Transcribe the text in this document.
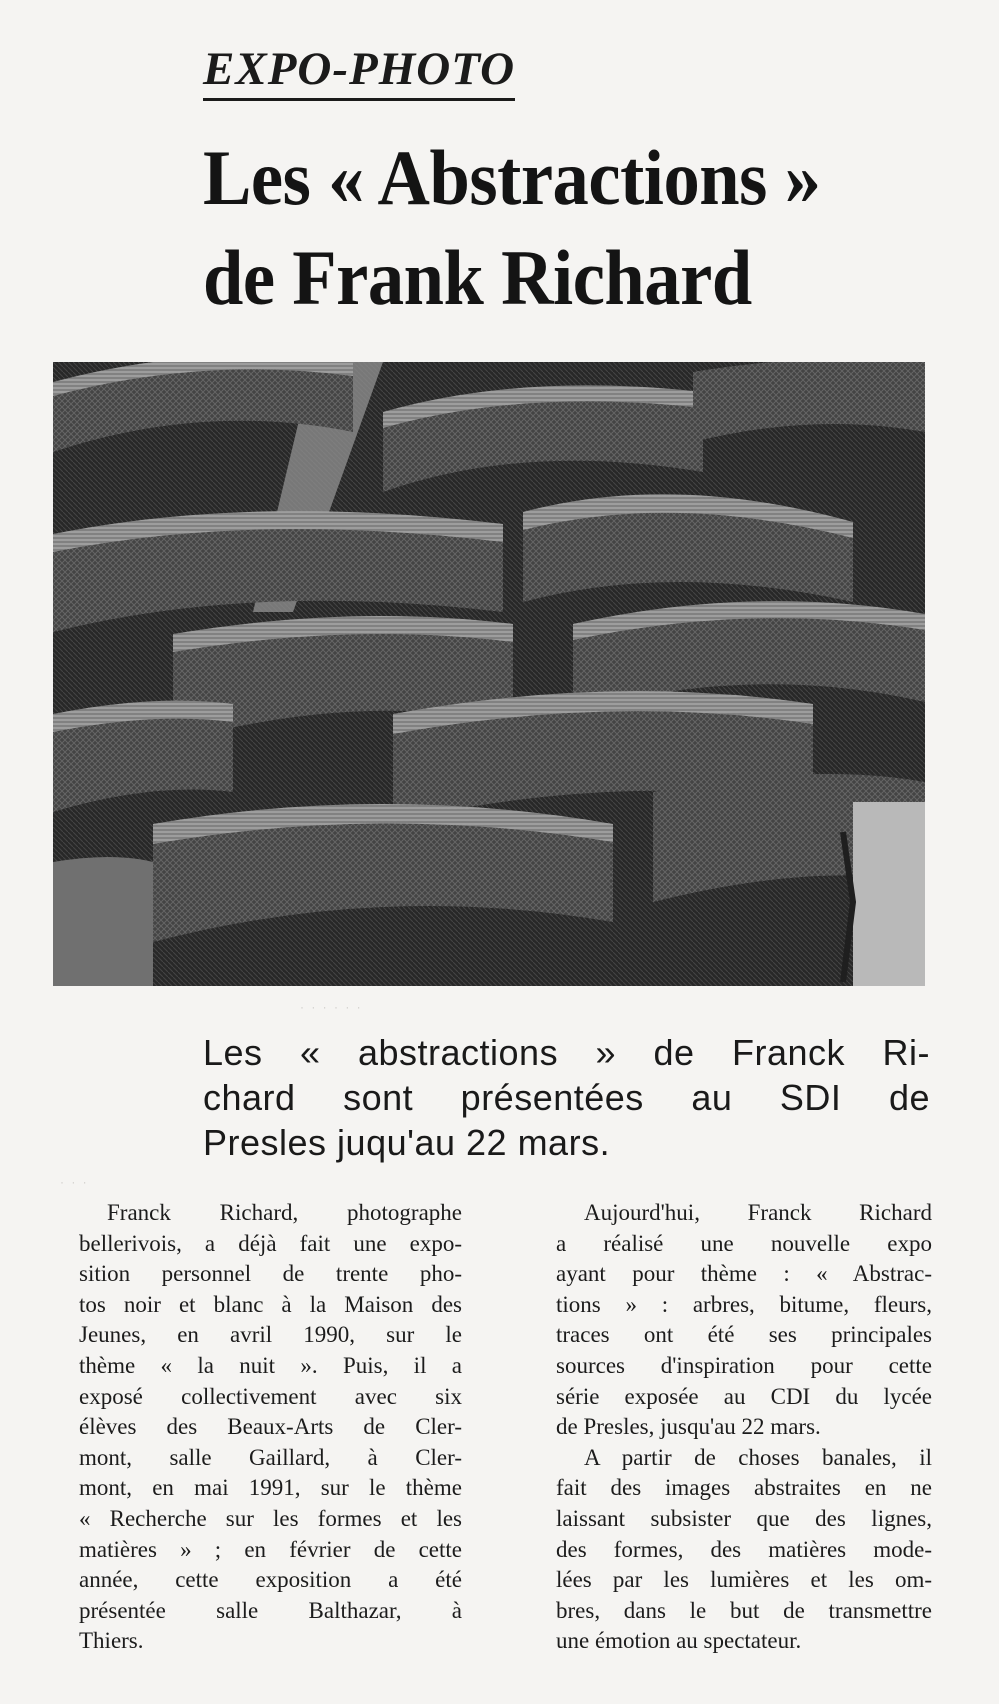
EXPO-PHOTO
Les « Abstractions »
de Frank Richard
· · · · · ·
· · ·
Les « abstractions » de Franck Ri-
chard sont présentées au SDI de
Presles juqu'au 22 mars.
Franck Richard, photographe
bellerivois, a déjà fait une expo-
sition personnel de trente pho-
tos noir et blanc à la Maison des
Jeunes, en avril 1990, sur le
thème « la nuit ». Puis, il a
exposé collectivement avec six
élèves des Beaux-Arts de Cler-
mont, salle Gaillard, à Cler-
mont, en mai 1991, sur le thème
« Recherche sur les formes et les
matières » ; en février de cette
année, cette exposition a été
présentée salle Balthazar, à
Thiers.
Aujourd'hui, Franck Richard
a réalisé une nouvelle expo
ayant pour thème : « Abstrac-
tions » : arbres, bitume, fleurs,
traces ont été ses principales
sources d'inspiration pour cette
série exposée au CDI du lycée
de Presles, jusqu'au 22 mars.
A partir de choses banales, il
fait des images abstraites en ne
laissant subsister que des lignes,
des formes, des matières mode-
lées par les lumières et les om-
bres, dans le but de transmettre
une émotion au spectateur.
